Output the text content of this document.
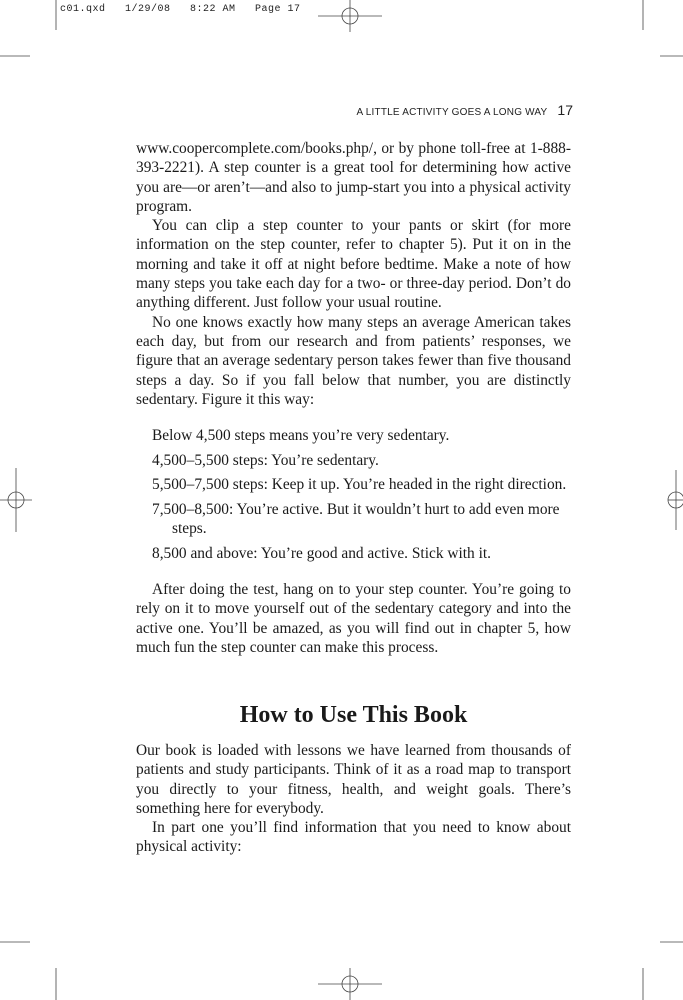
c01.qxd   1/29/08   8:22 AM   Page 17
A LITTLE ACTIVITY GOES A LONG WAY 17

www.coopercomplete.com/books.php/, or by phone toll-free at 1-888-393-2221). A step counter is a great tool for determining how active you are—or aren’t—and also to jump-start you into a physical activity program.

You can clip a step counter to your pants or skirt (for more information on the step counter, refer to chapter 5). Put it on in the morning and take it off at night before bedtime. Make a note of how many steps you take each day for a two- or three-day period. Don’t do anything different. Just follow your usual routine.

No one knows exactly how many steps an average American takes each day, but from our research and from patients’ responses, we figure that an average sedentary person takes fewer than five thousand steps a day. So if you fall below that number, you are distinctly sedentary. Figure it this way:

Below 4,500 steps means you’re very sedentary.
4,500–5,500 steps: You’re sedentary.
5,500–7,500 steps: Keep it up. You’re headed in the right direction.
7,500–8,500: You’re active. But it wouldn’t hurt to add even more steps.
8,500 and above: You’re good and active. Stick with it.

After doing the test, hang on to your step counter. You’re going to rely on it to move yourself out of the sedentary category and into the active one. You’ll be amazed, as you will find out in chapter 5, how much fun the step counter can make this process.

How to Use This Book

Our book is loaded with lessons we have learned from thousands of patients and study participants. Think of it as a road map to transport you directly to your fitness, health, and weight goals. There’s something here for everybody.

In part one you’ll find information that you need to know about physical activity:
